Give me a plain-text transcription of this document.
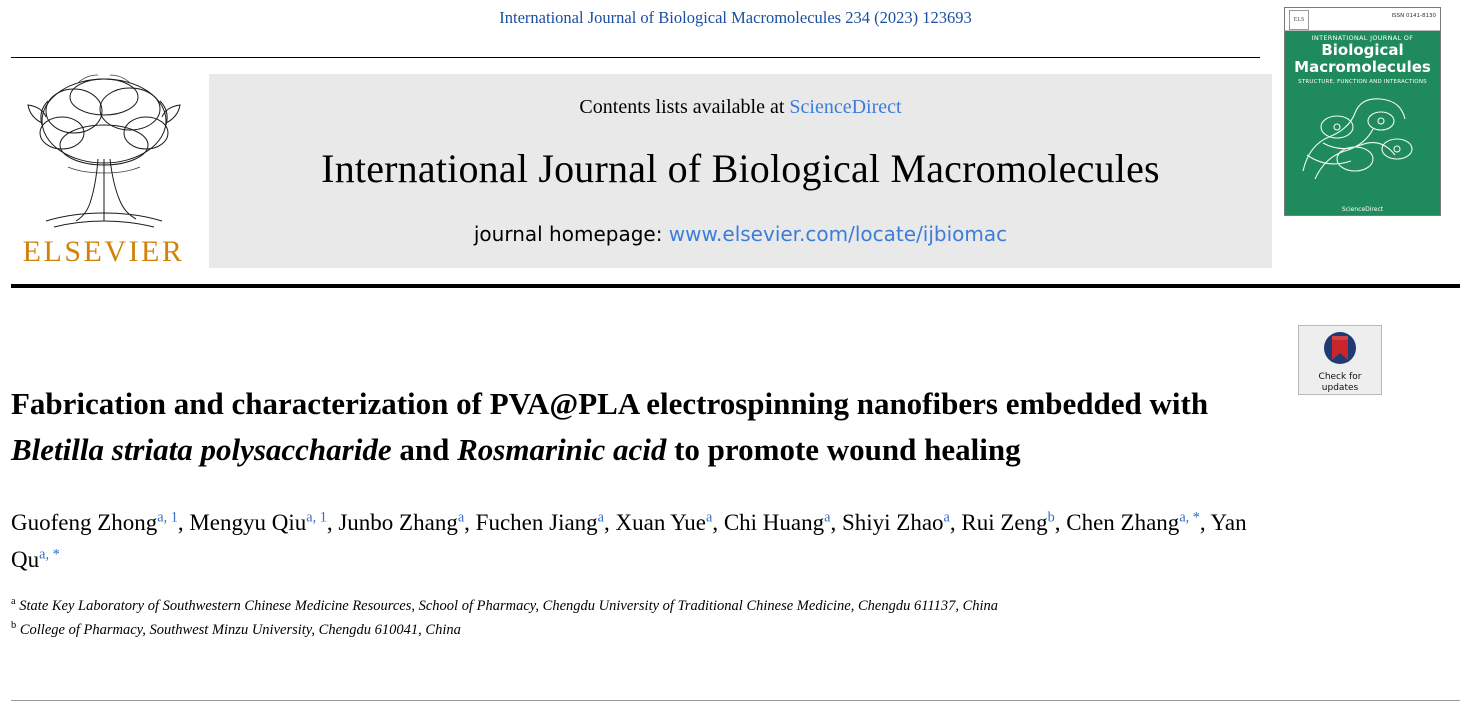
International Journal of Biological Macromolecules 234 (2023) 123693
ELSEVIER
Contents lists available at ScienceDirect
International Journal of Biological Macromolecules
journal homepage: www.elsevier.com/locate/ijbiomac
ELS
ISSN 0141-8130
INTERNATIONAL JOURNAL OF
Biological
Macromolecules
STRUCTURE, FUNCTION AND INTERACTIONS
ScienceDirect
Check for
updates
Fabrication and characterization of PVA@PLA electrospinning nanofibers embedded with Bletilla striata polysaccharide and Rosmarinic acid to promote wound healing
Guofeng Zhong$^{a, 1}$, Mengyu Qiu$^{a, 1}$, Junbo Zhang$^a$, Fuchen Jiang$^a$, Xuan Yue$^a$, Chi Huang$^a$, Shiyi Zhao$^a$, Rui Zeng$^b$, Chen Zhang$^{a, *}$, Yan $Qu^{a, *}$
$^a$ State Key Laboratory of Southwestern Chinese Medicine Resources, School of Pharmacy, Chengdu University of Traditional Chinese Medicine, Chengdu 611137, China
$^b$ College of Pharmacy, Southwest Minzu University, Chengdu 610041, China
